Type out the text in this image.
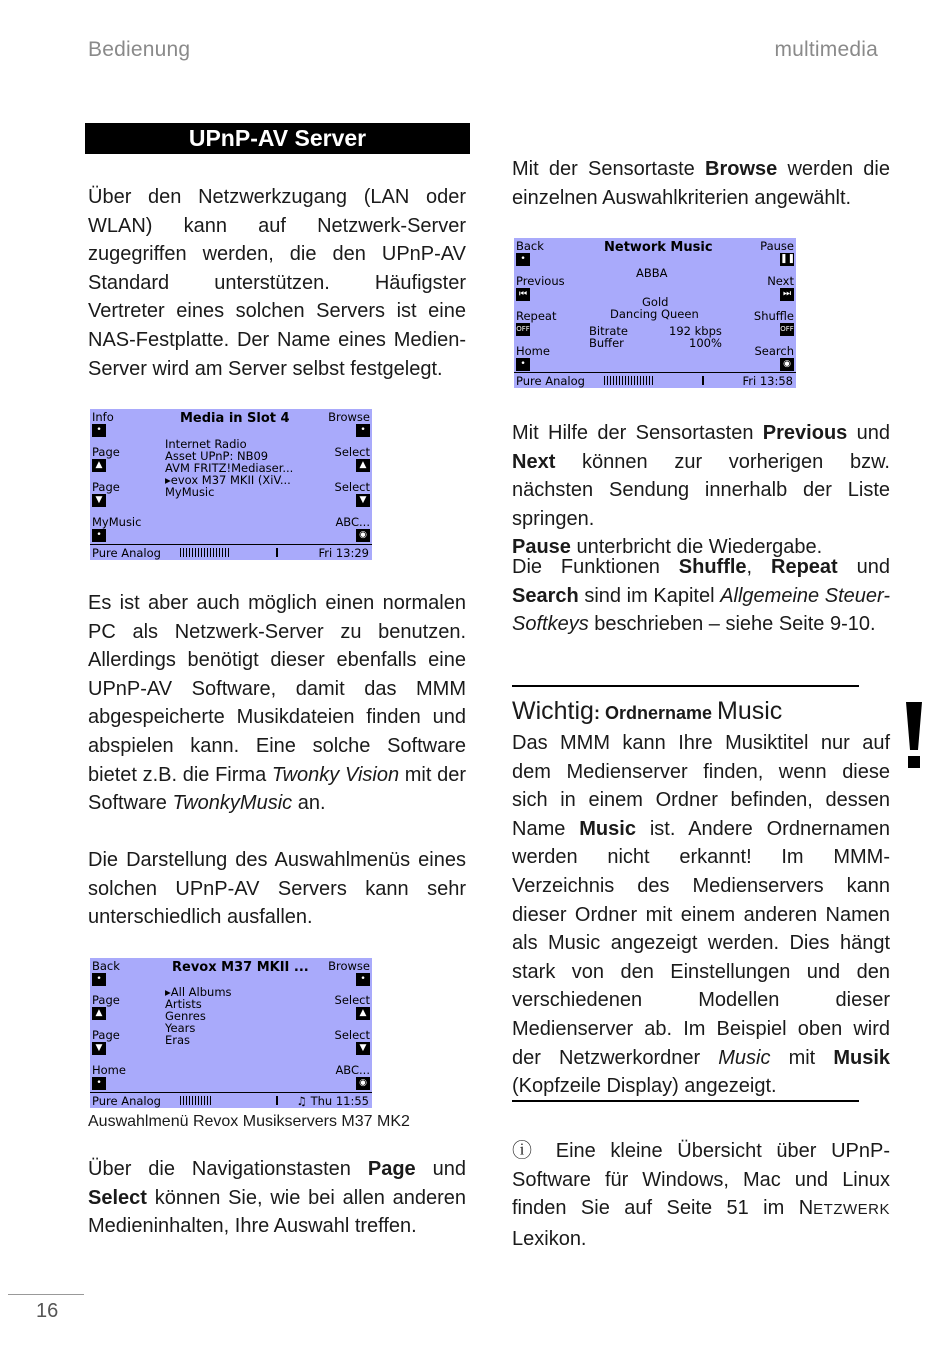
Bedienung	multimedia
UPnP-AV Server

Über den Netzwerkzugang (LAN oder WLAN) kann auf Netzwerk-Server zugegriffen werden, die den UPnP-AV Standard unterstützen. Häufigster Vertreter eines solchen Servers ist eine NAS-Festplatte. Der Name eines Medien-Server wird am Server selbst festgelegt.

Media in Slot 4
Info
•
Page
▲
Page
▼
MyMusic
•
Browse
•
Select
▲
Select
▼
ABC...
◉
Internet Radio
Asset UPnP: NB09
AVM FRITZ!Mediaser...
▸evox M37 MKII (XiV...
MyMusic
Pure Analog	Fri 13:29

Es ist aber auch möglich einen normalen PC als Netzwerk-Server zu benutzen. Allerdings benötigt dieser ebenfalls eine UPnP-AV Software, damit das MMM abgespeicherte Musikdateien finden und abspielen kann. Eine solche Software bietet z.B. die Firma Twonky Vision mit der Software TwonkyMusic an.

Die Darstellung des Auswahlmenüs eines solchen UPnP-AV Servers kann sehr unterschiedlich ausfallen.

Revox M37 MKII ...
Back
•
Page
▲
Page
▼
Home
•
Browse
•
Select
▲
Select
▼
ABC...
◉
▸All Albums
Artists
Genres
Years
Eras
Pure Analog	♫ Thu 11:55
Auswahlmenü Revox Musikservers M37 MK2

Über die Navigationstasten Page und Select können Sie, wie bei allen anderen Medieninhalten, Ihre Auswahl treffen.

Mit der Sensortaste Browse werden die einzelnen Auswahlkriterien angewählt.

Network Music
Back
•
Previous
⏮
Repeat
OFF
Home
•
Pause
❚❚
Next
⏭
Shuffle
OFF
Search
◉
ABBA
Gold
Dancing Queen
Bitrate	192 kbps
Buffer	100%
Pure Analog	Fri 13:58

Mit Hilfe der Sensortasten Previous und Next können zur vorherigen bzw. nächsten Sendung innerhalb der Liste springen.
Pause unterbricht die Wiedergabe.

Die Funktionen Shuffle, Repeat und Search sind im Kapitel Allgemeine Steuer-Softkeys beschrieben – siehe Seite 9-10.

Wichtig: Ordnername Music

Das MMM kann Ihre Musiktitel nur auf dem Medienserver finden, wenn diese sich in einem Ordner befinden, dessen Name Music ist. Andere Ordnernamen werden nicht erkannt! Im MMM-Verzeichnis des Medienservers kann dieser Ordner mit einem anderen Namen als Music angezeigt werden. Dies hängt stark von den Einstellungen und den verschiedenen Modellen dieser Medienserver ab. Im Beispiel oben wird der Netzwerkordner Music mit Musik (Kopfzeile Display) angezeigt.

ⓘ Eine kleine Übersicht über UPnP-Software für Windows, Mac und Linux finden Sie auf Seite 51 im NETZWERK Lexikon.

16
